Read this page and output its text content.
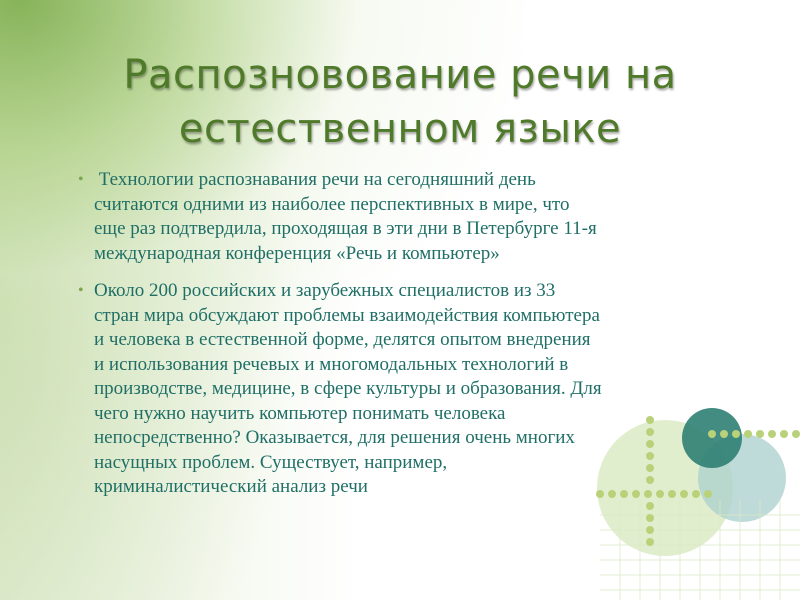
Распозновование речи на
естественном языке
• Технологии распознавания речи на сегодняшний день
считаются одними из наиболее перспективных в мире, что
еще раз подтвердила, проходящая в эти дни в Петербурге 11-я
международная конференция «Речь и компьютер»
• Около 200 российских и зарубежных специалистов из 33
стран мира обсуждают проблемы взаимодействия компьютера
и человека в естественной форме, делятся опытом внедрения
и использования речевых и многомодальных технологий в
производстве, медицине, в сфере культуры и образования. Для
чего нужно научить компьютер понимать человека
непосредственно? Оказывается, для решения очень многих
насущных проблем. Существует, например,
криминалистический анализ речи
